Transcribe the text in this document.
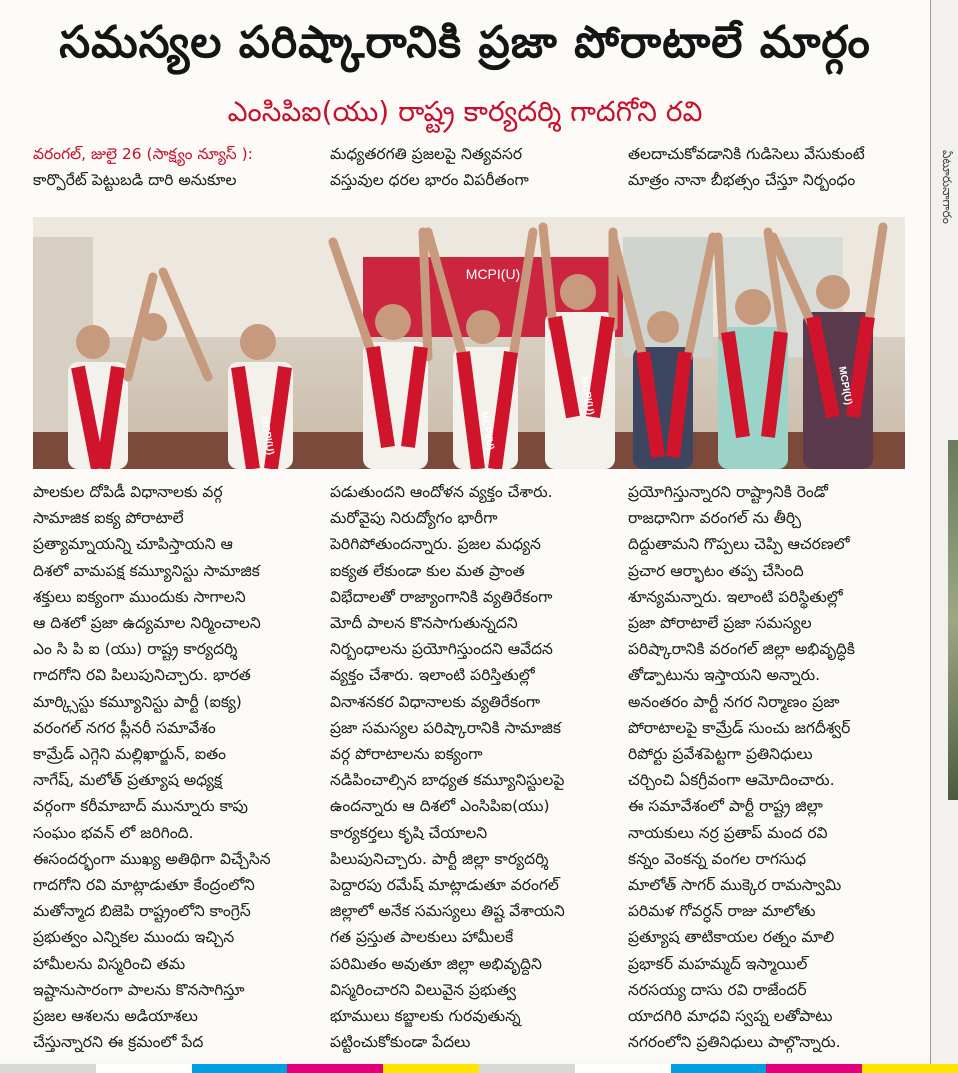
సమస్యల పరిష్కారానికి ప్రజా పోరాటాలే మార్గం
ఎంసిపిఐ(యు) రాష్ట్ర కార్యదర్శి గాదగోని రవి
వరంగల్, జులై 26 (సాక్ష్యం న్యూస్ ):
కార్పొరేట్ పెట్టుబడి దారి అనుకూల
మధ్యతరగతి ప్రజలపై నిత్యవసర
వస్తువుల ధరల భారం విపరీతంగా
తలదాచుకోవడానికి గుడిసెలు వేసుకుంటే
మాత్రం నానా బీభత్సం చేస్తూ నిర్బంధం
MCPI(U)
MCPI(U)	MCPI(U)
MCPI(U)	MCPI(U)
పాలకుల దోపిడీ విధానాలకు వర్గ
సామాజిక ఐక్య పోరాటాలే
ప్రత్యామ్నాయన్ని చూపిస్తాయని ఆ
దిశలో వామపక్ష కమ్యూనిస్టు సామాజిక
శక్తులు ఐక్యంగా ముందుకు సాగాలని
ఆ దిశలో ప్రజా ఉద్యమాల నిర్మించాలని
ఎం సి పి ఐ (యు) రాష్ట్ర కార్యదర్శి
గాదగోని రవి పిలుపునిచ్చారు. భారత
మార్క్సిస్టు కమ్యూనిస్టు పార్టీ (ఐక్య)
వరంగల్ నగర ప్లీనరీ సమావేశం
కామ్రేడ్ ఎగ్గెని మల్లిఖార్జున్, ఐతం
నాగేష్, మలోత్ ప్రత్యూష అధ్యక్ష
వర్గంగా కరీమాబాద్ మున్నూరు కాపు
సంఘం భవన్ లో జరిగింది.
ఈసందర్భంగా ముఖ్య అతిథిగా విచ్చేసిన
గాదగోని రవి మాట్లాడుతూ కేంద్రంలోని
మతోన్మాద బిజెపి రాష్ట్రంలోని కాంగ్రెస్
ప్రభుత్వం ఎన్నికల ముందు ఇచ్చిన
హామీలను విస్మరించి తమ
ఇష్టానుసారంగా పాలను కొనసాగిస్తూ
ప్రజల ఆశలను అడియాశలు
చేస్తున్నారని ఈ క్రమంలో పేద
పడుతుందని ఆందోళన వ్యక్తం చేశారు.
మరోవైపు నిరుద్యోగం భారీగా
పెరిగిపోతుందన్నారు. ప్రజల మధ్యన
ఐక్యత లేకుండా కుల మత ప్రాంత
విభేదాలతో రాజ్యాంగానికి వ్యతిరేకంగా
మోదీ పాలన కొనసాగుతున్నదని
నిర్బంధాలను ప్రయోగిస్తుందని ఆవేదన
వ్యక్తం చేశారు. ఇలాంటి పరిస్తితుల్లో
వినాశనకర విధానాలకు వ్యతిరేకంగా
ప్రజా సమస్యల పరిష్కారానికి సామాజిక
వర్గ పోరాటాలను ఐక్యంగా
నడిపించాల్సిన బాధ్యత కమ్యూనిస్టులపై
ఉందన్నారు ఆ దిశలో ఎంసిపిఐ(యు)
కార్యకర్తలు కృషి చేయాలని
పిలుపునిచ్చారు. పార్టీ జిల్లా కార్యదర్శి
పెద్దారపు రమేష్ మాట్లాడుతూ వరంగల్
జిల్లాలో అనేక సమస్యలు తిష్ట వేశాయని
గత ప్రస్తుత పాలకులు హామీలకే
పరిమితం అవుతూ జిల్లా అభివృద్దిని
విస్మరించారని విలువైన ప్రభుత్వ
భూములు కబ్జాలకు గురవుతున్న
పట్టించుకోకుండా పేదలు
ప్రయోగిస్తున్నారని రాష్ట్రానికి రెండో
రాజధానిగా వరంగల్ ను తీర్చి
దిద్దుతామని గొప్పలు చెప్పి ఆచరణలో
ప్రచార ఆర్భాటం తప్ప చేసింది
శూన్యమన్నారు. ఇలాంటి పరిస్థితుల్లో
ప్రజా పోరాటాలే ప్రజా సమస్యల
పరిష్కారానికి వరంగల్ జిల్లా అభివృద్ధికి
తోడ్పాటును ఇస్తాయని అన్నారు.
అనంతరం పార్టీ నగర నిర్మాణం ప్రజా
పోరాటాలపై కామ్రేడ్ సుంచు జగదీశ్వర్
రిపోర్టు ప్రవేశపెట్టగా ప్రతినిధులు
చర్చించి ఏకగ్రీవంగా ఆమోదించారు.
ఈ సమావేశంలో పార్టీ రాష్ట్ర జిల్లా
నాయకులు నర్ర ప్రతాప్ మంద రవి
కన్నం వెంకన్న వంగల రాగసుధ
మాలోత్ సాగర్ ముక్కెర రామస్వామి
పరిమళ గోవర్ధన్ రాజు మాలోతు
ప్రత్యూష తాటికాయల రత్నం మాలి
ప్రభాకర్ మహమ్మద్ ఇస్మాయిల్
నరసయ్య దాసు రవి రాజేందర్
యాదగిరి మాధవి స్వప్న లతోపాటు
నగరంలోని ప్రతినిధులు పాల్గొన్నారు.
ఏటూరునాగారం
